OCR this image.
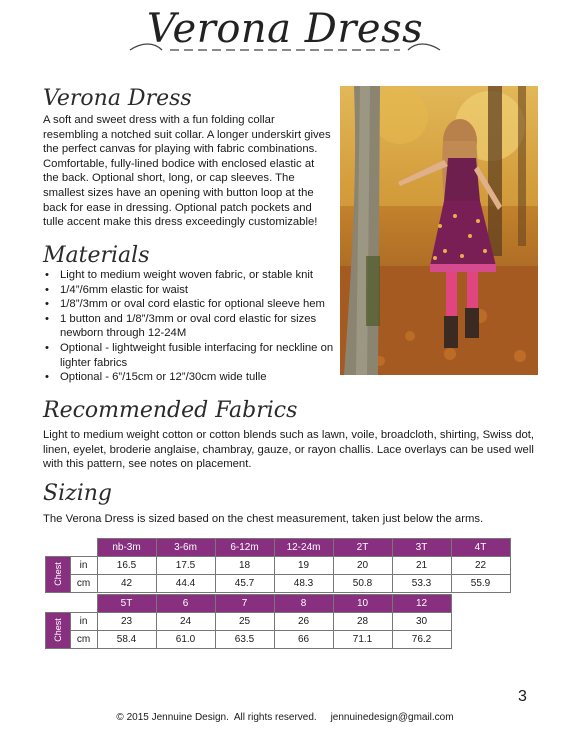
Verona Dress
Verona Dress
A soft and sweet dress with a fun folding collar resembling a notched suit collar. A longer underskirt gives the perfect canvas for playing with fabric combinations. Comfortable, fully-lined bodice with enclosed elastic at the back. Optional short, long, or cap sleeves. The smallest sizes have an opening with button loop at the back for ease in dressing. Optional patch pockets and tulle accent make this dress exceedingly customizable!
Materials
• Light to medium weight woven fabric, or stable knit
• 1/4”/6mm elastic for waist
• 1/8”/3mm or oval cord elastic for optional sleeve hem
• 1 button and 1/8”/3mm or oval cord elastic for sizes newborn through 12-24M
• Optional - lightweight fusible interfacing for neckline on lighter fabrics
• Optional - 6”/15cm or 12”/30cm wide tulle
Recommended Fabrics
Light to medium weight cotton or cotton blends such as lawn, voile, broadcloth, shirting, Swiss dot, linen, eyelet, broderie anglaise, chambray, gauze, or rayon challis. Lace overlays can be used well with this pattern, see notes on placement.
Sizing
The Verona Dress is sized based on the chest measurement, taken just below the arms.
		nb-3m	3-6m	6-12m	12-24m	2T	3T	4T
Chest	in	16.5	17.5	18	19	20	21	22
	cm	42	44.4	45.7	48.3	50.8	53.3	55.9
		5T	6	7	8	10	12
Chest	in	23	24	25	26	28	30
	cm	58.4	61.0	63.5	66	71.1	76.2
3
© 2015 Jennuine Design.  All rights reserved.     jennuinedesign@gmail.com
